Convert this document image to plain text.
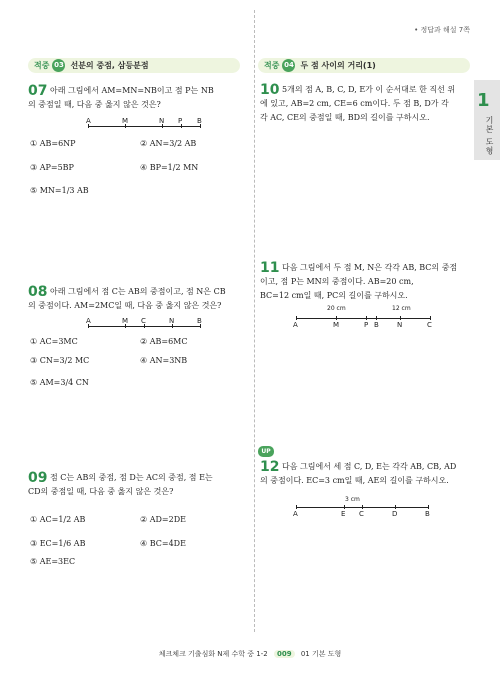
• 정답과 해설 7쪽
1
기본 도형
적중 03 선분의 중점, 삼등분점	적중 04 두 점 사이의 거리(1)
07 아래 그림에서 AM=MN=NB이고 점 P는 NB
의 중점일 때, 다음 중 옳지 않은 것은?
A	M	N P B
① AB=6NP	② AN=3/2 AB
③ AP=5BP	④ BP=1/2 MN
⑤ MN=1/3 AB
08 아래 그림에서 점 C는 AB의 중점이고, 점 N은 CB
의 중점이다. AM=2MC일 때, 다음 중 옳지 않은 것은?
A	M C	N	B
① AC=3MC	② AB=6MC
③ CN=3/2 MC	④ AN=3NB
⑤ AM=3/4 CN
09 점 C는 AB의 중점, 점 D는 AC의 중점, 점 E는
CD의 중점일 때, 다음 중 옳지 않은 것은?
① AC=1/2 AB	② AD=2DE
③ EC=1/6 AB	④ BC=4DE
⑤ AE=3EC
10 5개의 점 A, B, C, D, E가 이 순서대로 한 직선 위
에 있고, AB=2 cm, CE=6 cm이다. 두 점 B, D가 각
각 AC, CE의 중점일 때, BD의 길이를 구하시오.
11 다음 그림에서 두 점 M, N은 각각 AB, BC의 중점
이고, 점 P는 MN의 중점이다. AB=20 cm,
BC=12 cm일 때, PC의 길이를 구하시오.
20 cm	12 cm
A	M	P B	N	C
UP
12 다음 그림에서 세 점 C, D, E는 각각 AB, CB, AD
의 중점이다. EC=3 cm일 때, AE의 길이를 구하시오.
3 cm
A	E C	D	B
체크체크 기출심화 N제 수학 중 1-2 009 01 기본 도형
